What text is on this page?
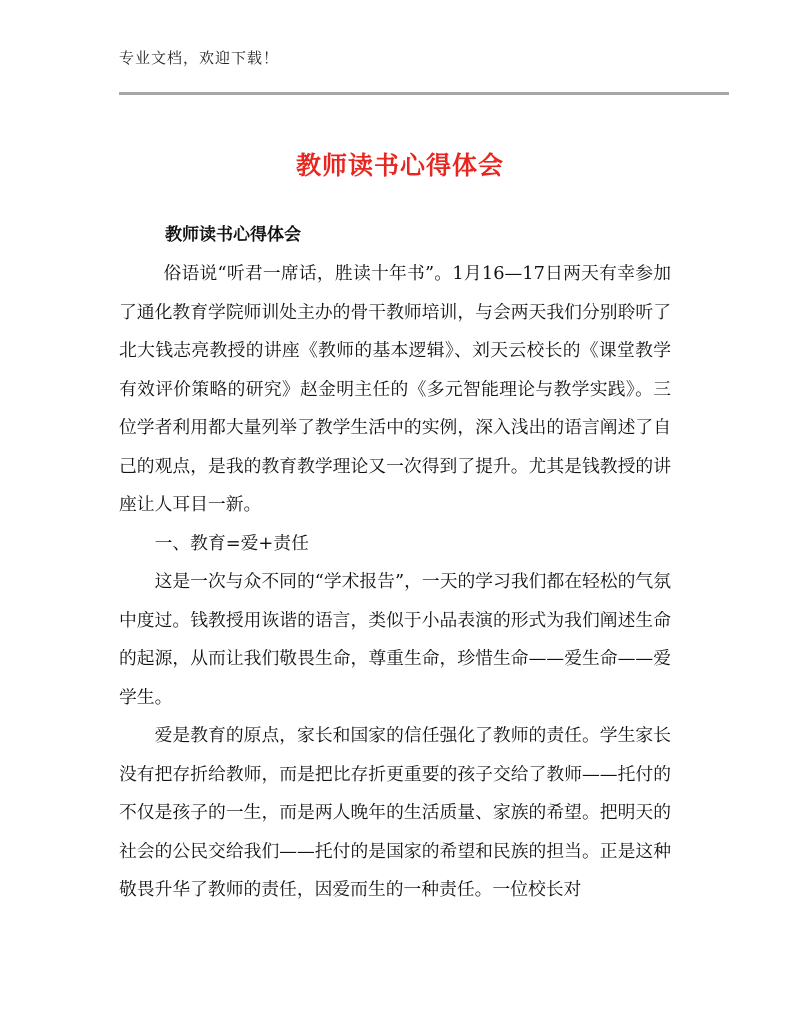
专业文档，欢迎下载！
教师读书心得体会
教师读书心得体会

俗语说“听君一席话，胜读十年书”。1月16—17日两天有幸参加了通化教育学院师训处主办的骨干教师培训，与会两天我们分别聆听了北大钱志亮教授的讲座《教师的基本逻辑》、刘天云校长的《课堂教学有效评价策略的研究》赵金明主任的《多元智能理论与教学实践》。三位学者利用都大量列举了教学生活中的实例，深入浅出的语言阐述了自己的观点，是我的教育教学理论又一次得到了提升。尤其是钱教授的讲座让人耳目一新。

一、教育=爱+责任

这是一次与众不同的“学术报告”，一天的学习我们都在轻松的气氛中度过。钱教授用诙谐的语言，类似于小品表演的形式为我们阐述生命的起源，从而让我们敬畏生命，尊重生命，珍惜生命——爱生命——爱学生。

爱是教育的原点，家长和国家的信任强化了教师的责任。学生家长没有把存折给教师，而是把比存折更重要的孩子交给了教师——托付的不仅是孩子的一生，而是两人晚年的生活质量、家族的希望。把明天的社会的公民交给我们——托付的是国家的希望和民族的担当。正是这种敬畏升华了教师的责任，因爱而生的一种责任。一位校长对
